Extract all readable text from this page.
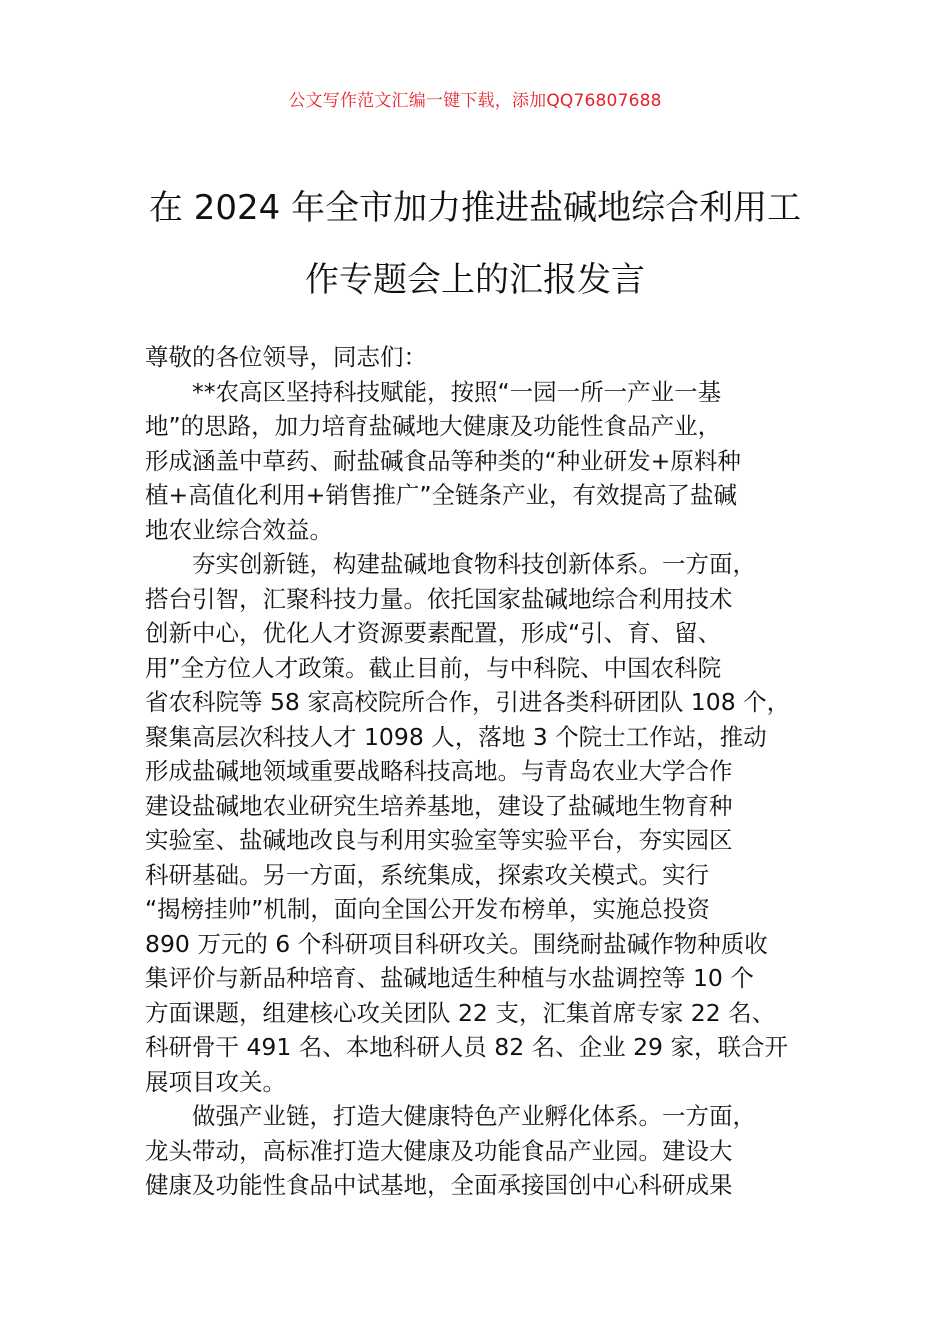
公文写作范文汇编一键下载，添加QQ76807688
在 2024 年全市加力推进盐碱地综合利用工
作专题会上的汇报发言
尊敬的各位领导，同志们：
**农高区坚持科技赋能，按照“一园一所一产业一基
地”的思路，加力培育盐碱地大健康及功能性食品产业，
形成涵盖中草药、耐盐碱食品等种类的“种业研发+原料种
植+高值化利用+销售推广”全链条产业，有效提高了盐碱
地农业综合效益。
夯实创新链，构建盐碱地食物科技创新体系。一方面，
搭台引智，汇聚科技力量。依托国家盐碱地综合利用技术
创新中心，优化人才资源要素配置，形成“引、育、留、
用”全方位人才政策。截止目前，与中科院、中国农科院
省农科院等 58 家高校院所合作，引进各类科研团队 108 个，
聚集高层次科技人才 1098 人，落地 3 个院士工作站，推动
形成盐碱地领域重要战略科技高地。与青岛农业大学合作
建设盐碱地农业研究生培养基地，建设了盐碱地生物育种
实验室、盐碱地改良与利用实验室等实验平台，夯实园区
科研基础。另一方面，系统集成，探索攻关模式。实行
“揭榜挂帅”机制，面向全国公开发布榜单，实施总投资
890 万元的 6 个科研项目科研攻关。围绕耐盐碱作物种质收
集评价与新品种培育、盐碱地适生种植与水盐调控等 10 个
方面课题，组建核心攻关团队 22 支，汇集首席专家 22 名、
科研骨干 491 名、本地科研人员 82 名、企业 29 家，联合开
展项目攻关。
做强产业链，打造大健康特色产业孵化体系。一方面，
龙头带动，高标准打造大健康及功能食品产业园。建设大
健康及功能性食品中试基地，全面承接国创中心科研成果
